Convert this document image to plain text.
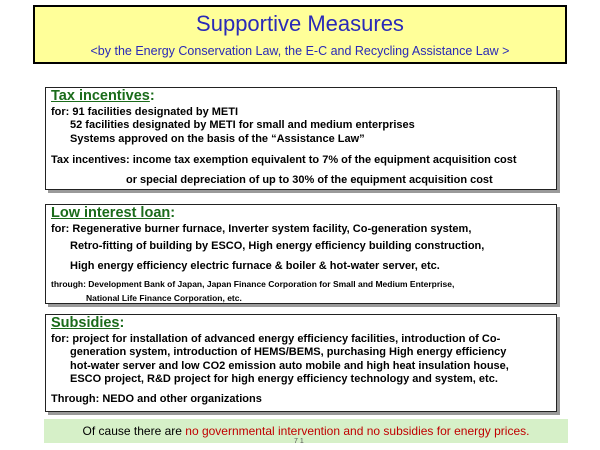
Supportive Measures
<by the Energy Conservation Law, the E-C and Recycling Assistance Law >
Tax incentives:
for: 91 facilities designated by METI
52 facilities designated by METI for small and medium enterprises
Systems approved on the basis of the “Assistance Law”
Tax incentives: income tax exemption equivalent to 7% of the equipment acquisition cost
or special depreciation of up to 30% of the equipment acquisition cost
Low interest loan:
for: Regenerative burner furnace, Inverter system facility, Co-generation system,
Retro-fitting of building by ESCO, High energy efficiency building construction,
High energy efficiency electric furnace & boiler & hot-water server, etc.
through: Development Bank of Japan, Japan Finance Corporation for Small and Medium Enterprise,
National Life Finance Corporation, etc.
Subsidies:
for: project for installation of advanced energy efficiency facilities, introduction of Co-
generation system, introduction of HEMS/BEMS, purchasing High energy efficiency
hot-water server and low CO2 emission auto mobile and high heat insulation house,
ESCO project, R&D project for high energy efficiency technology and system, etc.
Through: NEDO and other organizations
Of cause there are no governmental intervention and no subsidies for energy prices.
7 1
